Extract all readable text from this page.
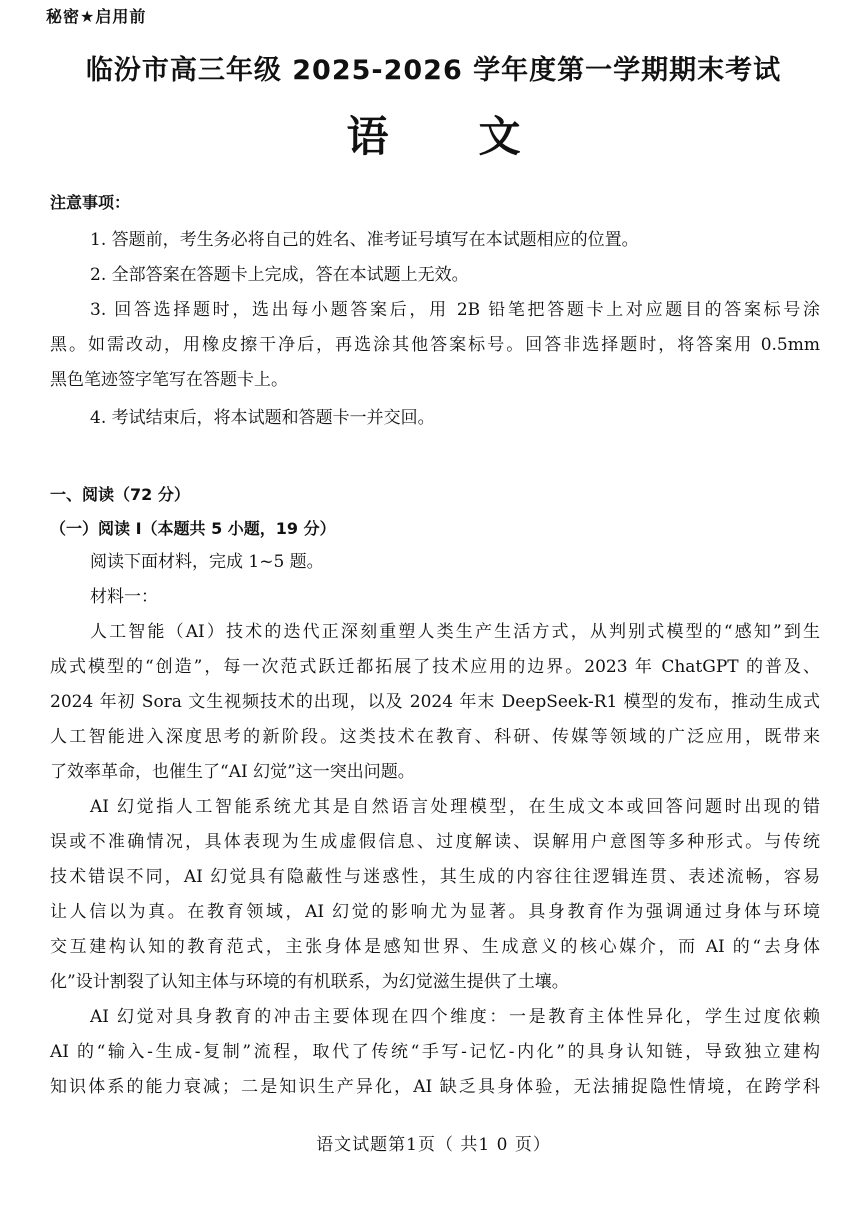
秘密★启用前
临汾市高三年级 2025-2026 学年度第一学期期末考试
语文
注意事项：
1. 答题前，考生务必将自己的姓名、准考证号填写在本试题相应的位置。
2. 全部答案在答题卡上完成，答在本试题上无效。
3. 回答选择题时，选出每小题答案后，用 2B 铅笔把答题卡上对应题目的答案标号涂
黑。如需改动，用橡皮擦干净后，再选涂其他答案标号。回答非选择题时，将答案用 0.5mm
黑色笔迹签字笔写在答题卡上。
4. 考试结束后，将本试题和答题卡一并交回。
一、阅读（72 分）
（一）阅读 I（本题共 5 小题，19 分）
阅读下面材料，完成 1~5 题。
材料一：
人工智能（AI）技术的迭代正深刻重塑人类生产生活方式，从判别式模型的“感知”到生
成式模型的“创造”，每一次范式跃迁都拓展了技术应用的边界。2023 年 ChatGPT 的普及、
2024 年初 Sora 文生视频技术的出现，以及 2024 年末 DeepSeek-R1 模型的发布，推动生成式
人工智能进入深度思考的新阶段。这类技术在教育、科研、传媒等领域的广泛应用，既带来
了效率革命，也催生了“AI 幻觉”这一突出问题。
AI 幻觉指人工智能系统尤其是自然语言处理模型，在生成文本或回答问题时出现的错
误或不准确情况，具体表现为生成虚假信息、过度解读、误解用户意图等多种形式。与传统
技术错误不同，AI 幻觉具有隐蔽性与迷惑性，其生成的内容往往逻辑连贯、表述流畅，容易
让人信以为真。在教育领域，AI 幻觉的影响尤为显著。具身教育作为强调通过身体与环境
交互建构认知的教育范式，主张身体是感知世界、生成意义的核心媒介，而 AI 的“去身体
化”设计割裂了认知主体与环境的有机联系，为幻觉滋生提供了土壤。
AI 幻觉对具身教育的冲击主要体现在四个维度：一是教育主体性异化，学生过度依赖
AI 的“输入-生成-复制”流程，取代了传统“手写-记忆-内化”的具身认知链，导致独立建构
知识体系的能力衰减；二是知识生产异化，AI 缺乏具身体验，无法捕捉隐性情境，在跨学科
语文试题第1页（ 共1 0 页）
